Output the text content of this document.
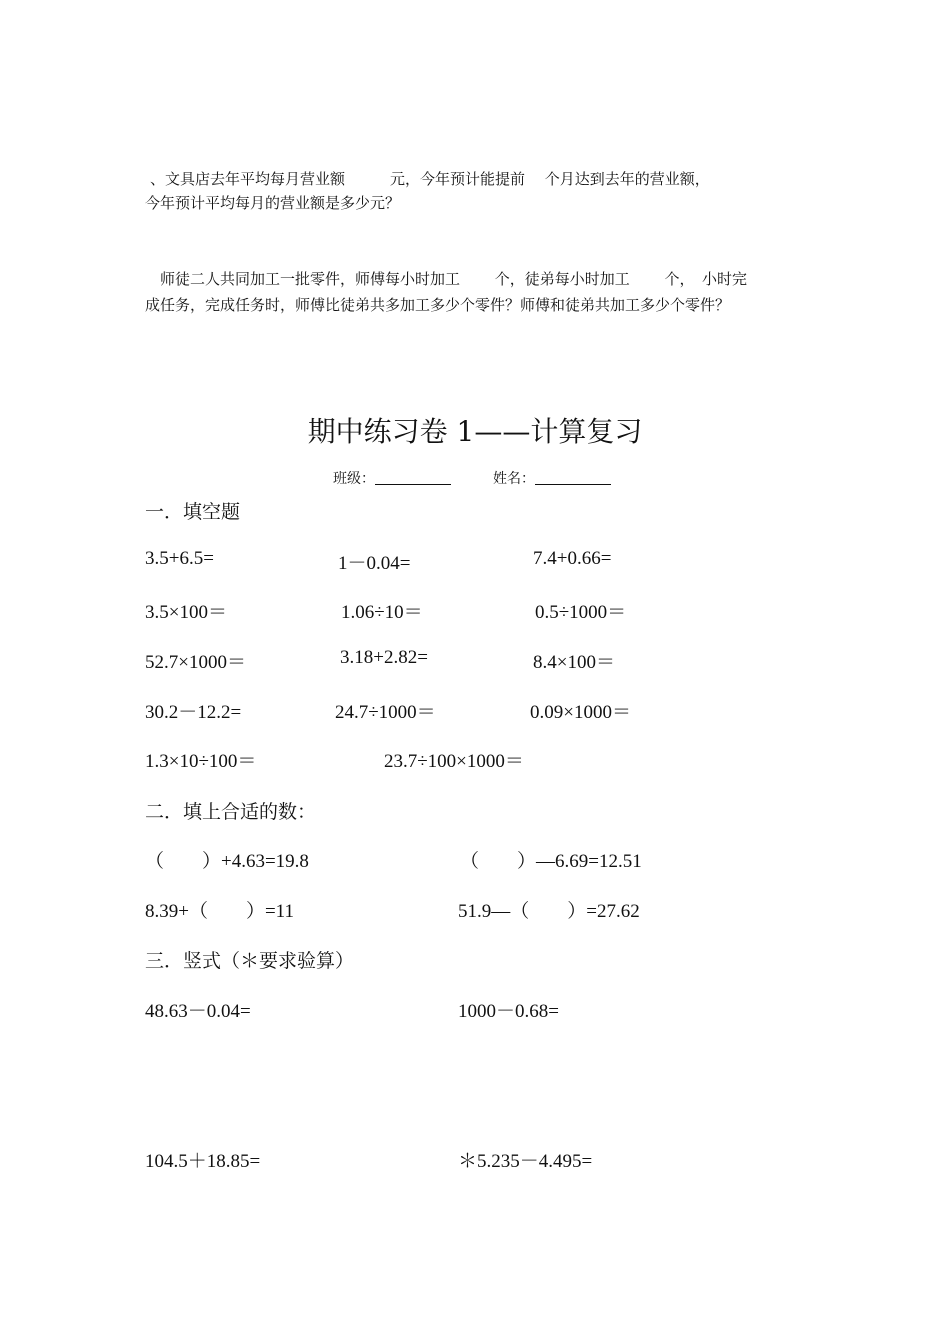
、文具店去年平均每月营业额　　　元，今年预计能提前　 个月达到去年的营业额，
今年预计平均每月的营业额是多少元？
师徒二人共同加工一批零件，师傅每小时加工　　 个，徒弟每小时加工　　 个，　小时完
成任务，完成任务时，师傅比徒弟共多加工多少个零件？师傅和徒弟共加工多少个零件？
期中练习卷 1——计算复习
班级：	姓名：
一．填空题
3.5+6.5=	1－0.04=	7.4+0.66=
3.5×100＝	1.06÷10＝	0.5÷1000＝
52.7×1000＝	3.18+2.82=	8.4×100＝
30.2－12.2=	24.7÷1000＝	0.09×1000＝
1.3×10÷100＝	23.7÷100×1000＝
二．填上合适的数：
（　　）+4.63=19.8	（　　）—6.69=12.51
8.39+（　　）=11	51.9—（　　）=27.62
三．竖式（＊要求验算）
48.63－0.04=	1000－0.68=
104.5＋18.85=	＊5.235－4.495=
